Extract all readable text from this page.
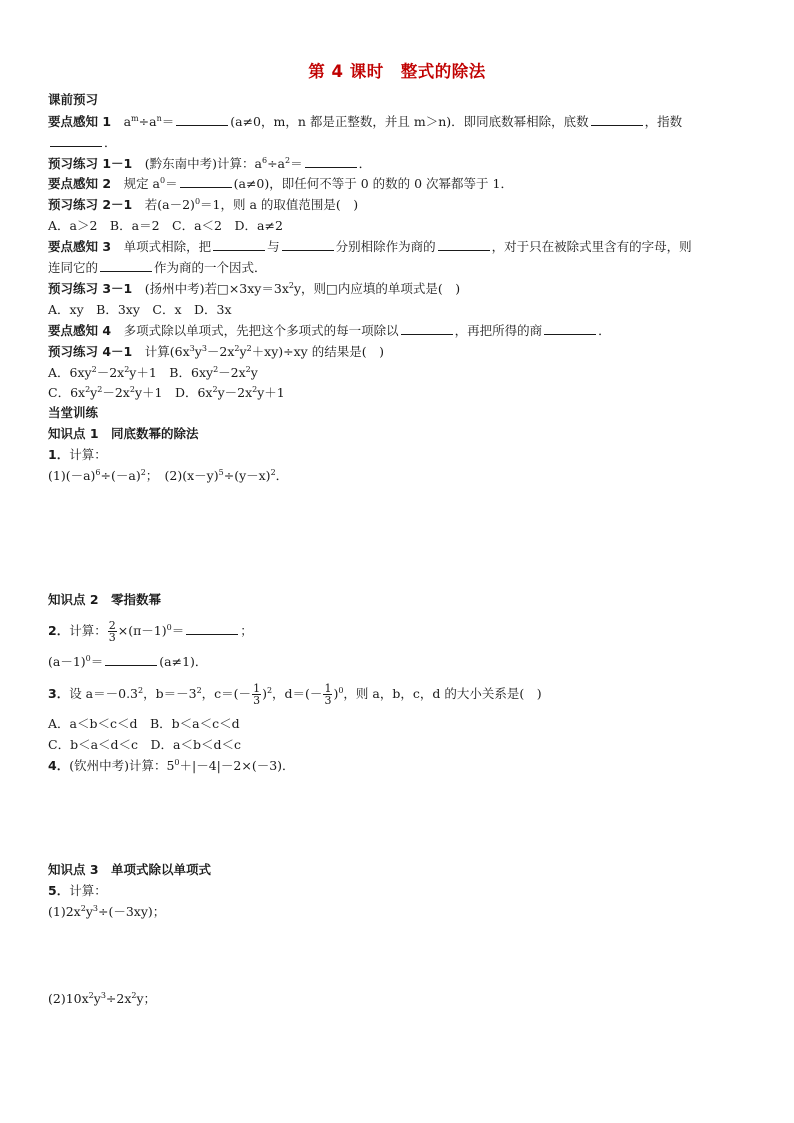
第 4 课时　整式的除法
课前预习
要点感知 1　 $a^m\div a^n=$	(a≠0，m，n 都是正整数，并且 m＞n)．即同底数幂相除，底数	，指数
．
预习练习 1－1　 (黔东南中考)计算：$a^6\div a^2=$	．
要点感知 2　 规定 $a^0=$	(a≠0)，即任何不等于 0 的数的 0 次幂都等于 1．
预习练习 2－1　 若$(a-2)^0=1$，则 a 的取值范围是(　)
A．a＞2　B．a＝2　C．a＜2　D．a≠2
要点感知 3　 单项式相除，把	与	分别相除作为商的	，对于只在被除式里含有的字母，则
连同它的	作为商的一个因式．
预习练习 3－1　 (扬州中考)若$□\times 3xy=3x^2y$，则□内应填的单项式是(　)
A．xy　B．3xy　C．x　D．3x
要点感知 4　 多项式除以单项式，先把这个多项式的每一项除以	，再把所得的商	．
预习练习 4－1　 计算$(6x^3y^3-2x^2y^2+xy)\div xy$ 的结果是(　)
A．$6xy^2-2x^2y+1$　B．$6xy^2-2x^2y$
C．$6x^2y^2-2x^2y+1$　D．$6x^2y-2x^2y+1$
当堂训练
知识点 1　同底数幂的除法
1．计算：
$(1)(-a)^6\div(-a)^2$；　$(2)(x-y)^5\div(y-x)^2$．
知识点 2　零指数幂
2．计算： $\frac{2}{3} \times(\pi-1)^0=$	；
$(a-1)^0=$	(a≠1)．
3．设 $a=-0.3^2$，$b=-3^2$，$c=(- \frac{1}{3} )^2$，$d=(- \frac{1}{3} )^0$，则 a，b，c，d 的大小关系是(　)
A．a＜b＜c＜d　B．b＜a＜c＜d
C．b＜a＜d＜c　D．a＜b＜d＜c
4．(钦州中考)计算：$5^0+|-4|-2\times(-3)$．
知识点 3　单项式除以单项式
5．计算：
$(1)2x^2y^3\div(-3xy)$；
$(2)10x^2y^3\div 2x^2y$；
